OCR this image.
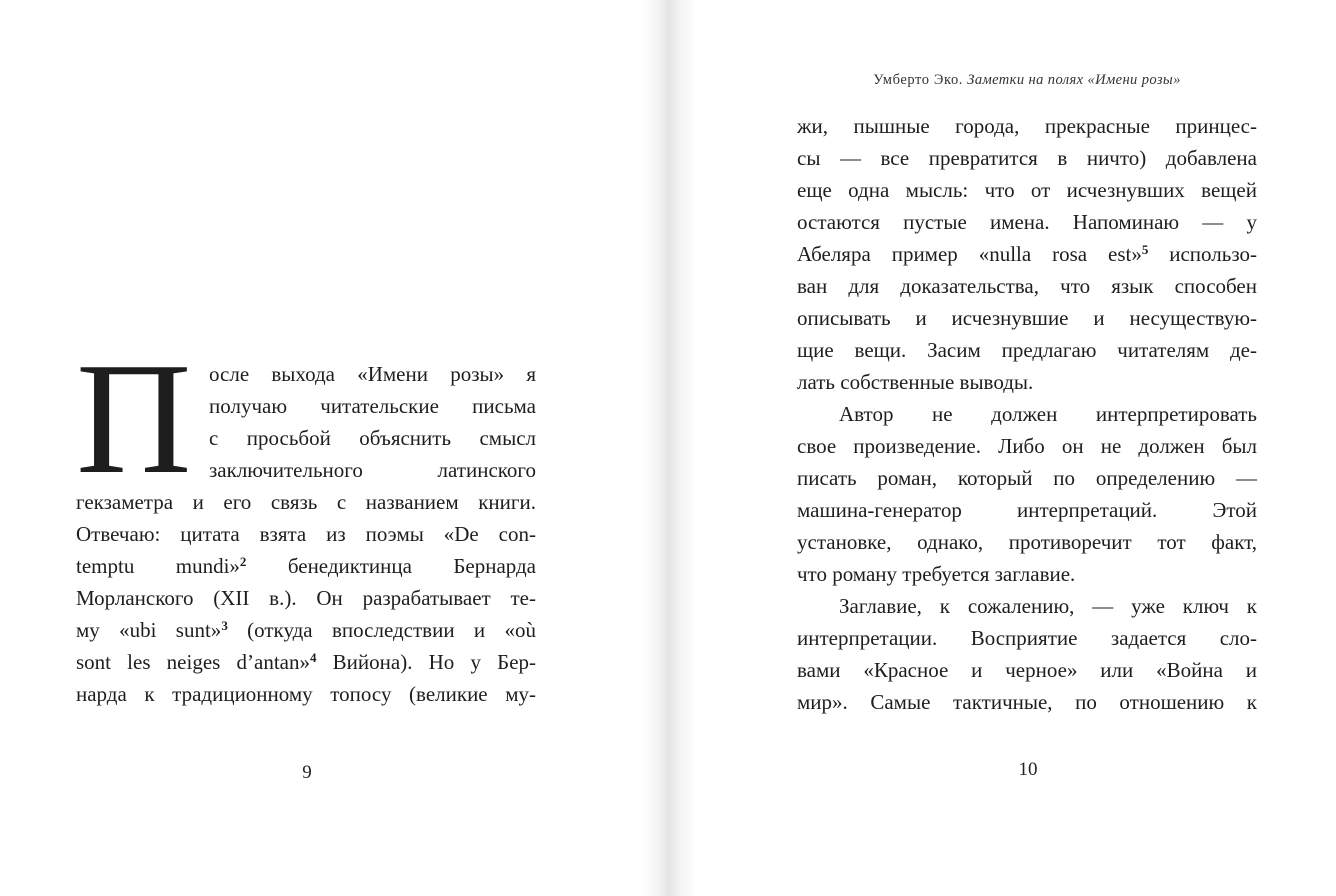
П осле выхода «Имени розы» я
получаю читательские письма
с просьбой объяснить смысл
заключительного латинского
гекзаметра и его связь с названием книги.
Отвечаю: цитата взята из поэмы «De con-
temptu mundi»$^2$ бенедиктинца Бернарда
Морланского (XII в.). Он разрабатывает те-
му «ubi sunt»$^3$ (откуда впоследствии и «où
sont les neiges d’antan»$^4$ Вийона). Но у Бер-
нарда к традиционному топосу (великие му-
9
Умберто Эко. Заметки на полях «Имени розы»
жи, пышные города, прекрасные принцес-
сы — все превратится в ничто) добавлена
еще одна мысль: что от исчезнувших вещей
остаются пустые имена. Напоминаю — у
Абеляра пример «nulla rosa est»$^5$ использо-
ван для доказательства, что язык способен
описывать и исчезнувшие и несуществую-
щие вещи. Засим предлагаю читателям де-
лать собственные выводы.
Автор не должен интерпретировать
свое произведение. Либо он не должен был
писать роман, который по определению —
машина-генератор интерпретаций. Этой
установке, однако, противоречит тот факт,
что роману требуется заглавие.
Заглавие, к сожалению, — уже ключ к
интерпретации. Восприятие задается сло-
вами «Красное и черное» или «Война и
мир». Самые тактичные, по отношению к
10
